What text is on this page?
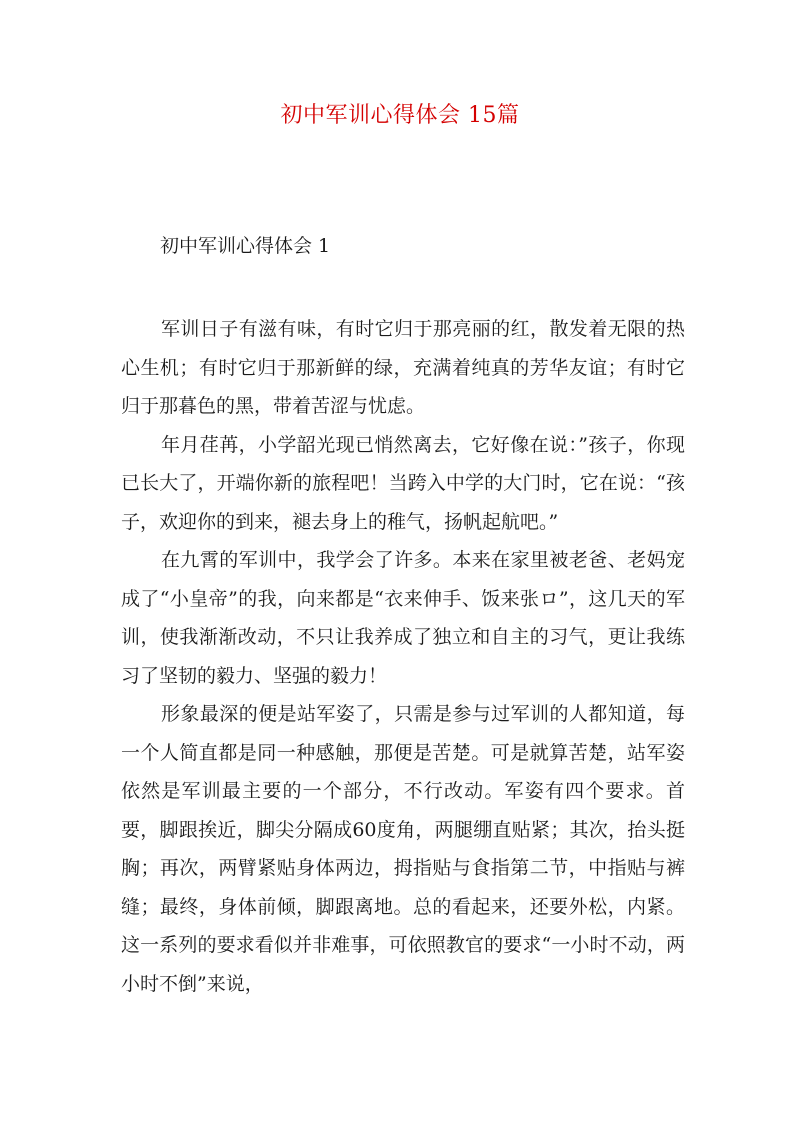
初中军训心得体会 15篇
初中军训心得体会 1

军训日子有滋有味，有时它归于那亮丽的红，散发着无限的热心生机；有时它归于那新鲜的绿，充满着纯真的芳华友谊；有时它归于那暮色的黑，带着苦涩与忧虑。

年月荏苒，小学韶光现已悄然离去，它好像在说：”孩子，你现已长大了，开端你新的旅程吧！当跨入中学的大门时，它在说：“孩子，欢迎你的到来，褪去身上的稚气，扬帆起航吧。”

在九霄的军训中，我学会了许多。本来在家里被老爸、老妈宠成了“小皇帝”的我，向来都是“衣来伸手、饭来张ロ”，这几天的军训，使我渐渐改动，不只让我养成了独立和自主的习气，更让我练习了坚韧的毅力、坚强的毅力！

形象最深的便是站军姿了，只需是参与过军训的人都知道，每一个人简直都是同一种感触，那便是苦楚。可是就算苦楚，站军姿依然是军训最主要的一个部分，不行改动。军姿有四个要求。首要，脚跟挨近，脚尖分隔成60度角，两腿绷直贴紧；其次，抬头挺胸；再次，两臂紧贴身体两边，拇指贴与食指第二节，中指贴与裤缝；最终，身体前倾，脚跟离地。总的看起来，还要外松，内紧。这一系列的要求看似并非难事，可依照教官的要求“一小时不动，两小时不倒”来说，
